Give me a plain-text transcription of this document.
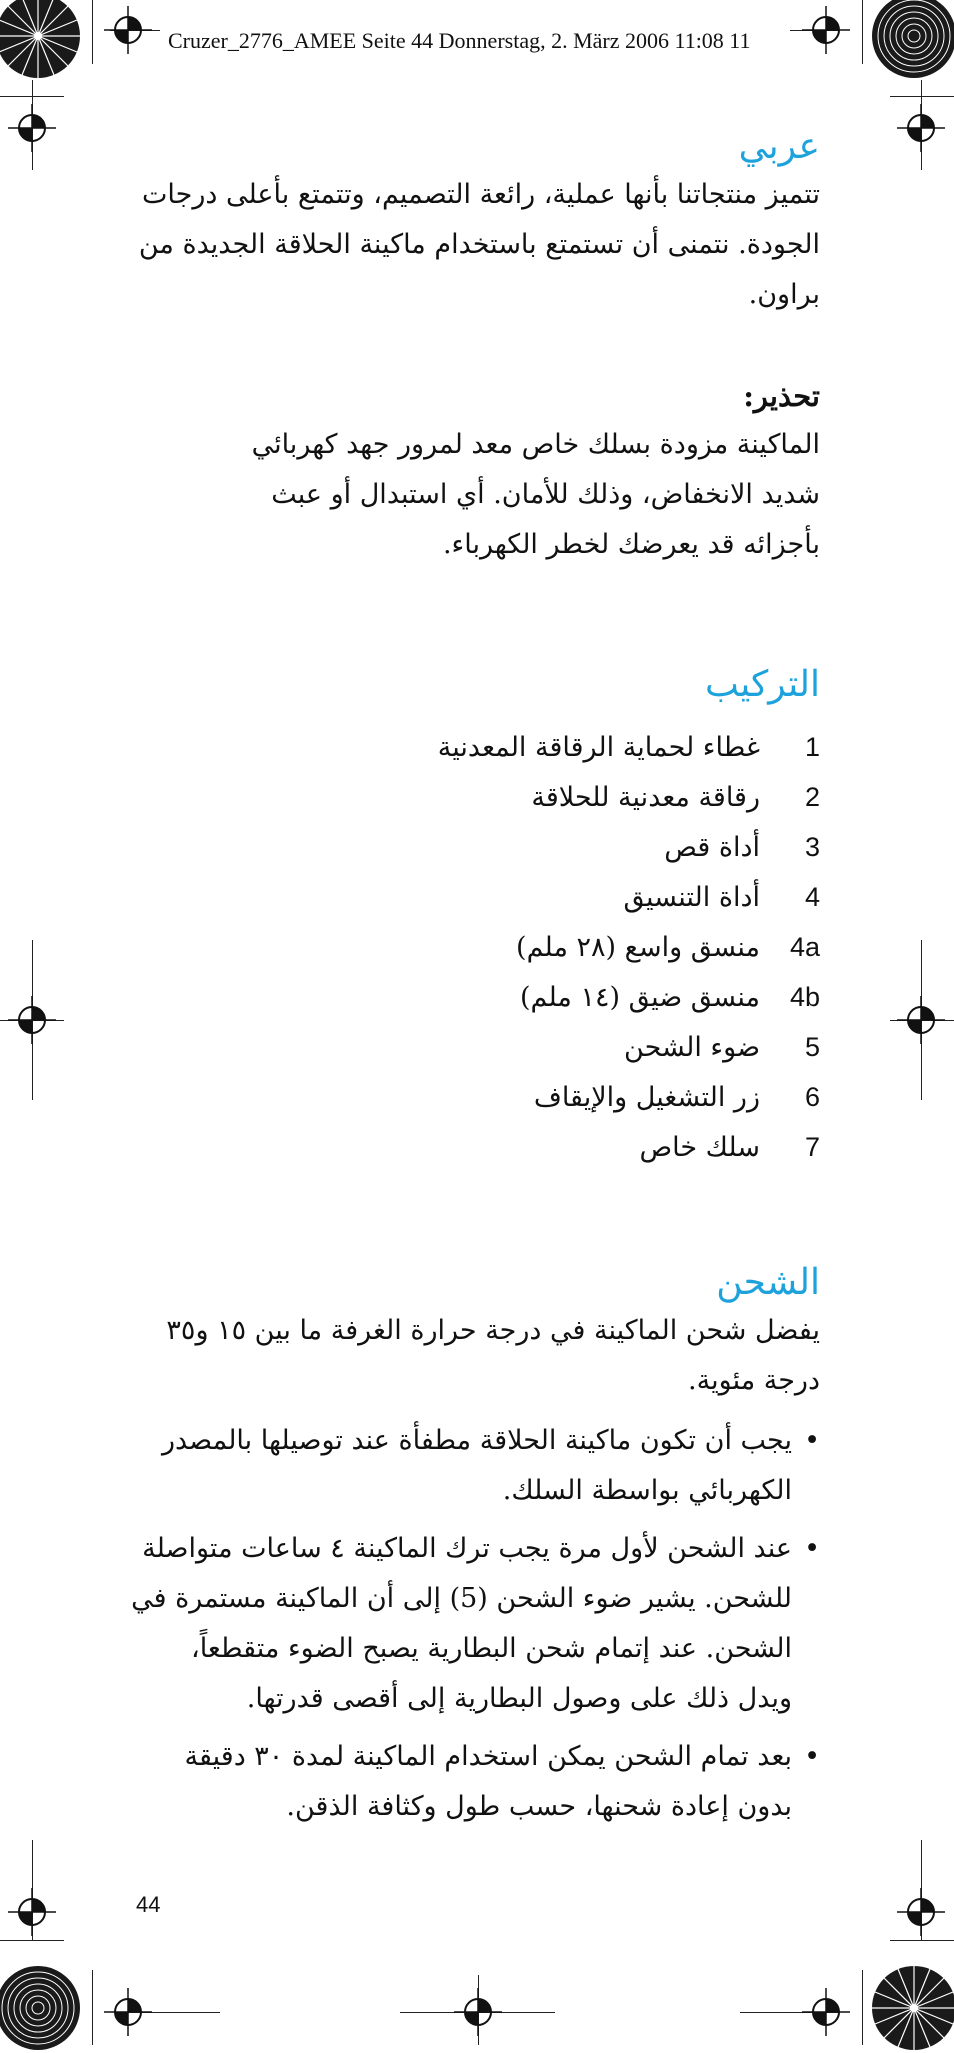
Cruzer_2776_AMEE Seite 44 Donnerstag, 2. März 2006 11:08 11
عربي
تتميز منتجاتنا بأنها عملية، رائعة التصميم، وتتمتع بأعلى درجات الجودة. نتمنى أن تستمتع باستخدام ماكينة الحلاقة الجديدة من براون.
تحذير:
الماكينة مزودة بسلك خاص معد لمرور جهد كهربائي شديد الانخفاض، وذلك للأمان. أي استبدال أو عبث بأجزائه قد يعرضك لخطر الكهرباء.
التركيب
1غطاء لحماية الرقاقة المعدنية
2رقاقة معدنية للحلاقة
3أداة قص
4أداة التنسيق
4aمنسق واسع (٢٨ ملم)
4bمنسق ضيق (١٤ ملم)
5ضوء الشحن
6زر التشغيل والإيقاف
7سلك خاص
الشحن
يفضل شحن الماكينة في درجة حرارة الغرفة ما بين ١٥ و٣٥ درجة مئوية.
•
يجب أن تكون ماكينة الحلاقة مطفأة عند توصيلها بالمصدر الكهربائي بواسطة السلك.
•
عند الشحن لأول مرة يجب ترك الماكينة ٤ ساعات متواصلة للشحن. يشير ضوء الشحن (5) إلى أن الماكينة مستمرة في الشحن. عند إتمام شحن البطارية يصبح الضوء متقطعاً، ويدل ذلك على وصول البطارية إلى أقصى قدرتها.
•
بعد تمام الشحن يمكن استخدام الماكينة لمدة ٣٠ دقيقة بدون إعادة شحنها، حسب طول وكثافة الذقن.
44
